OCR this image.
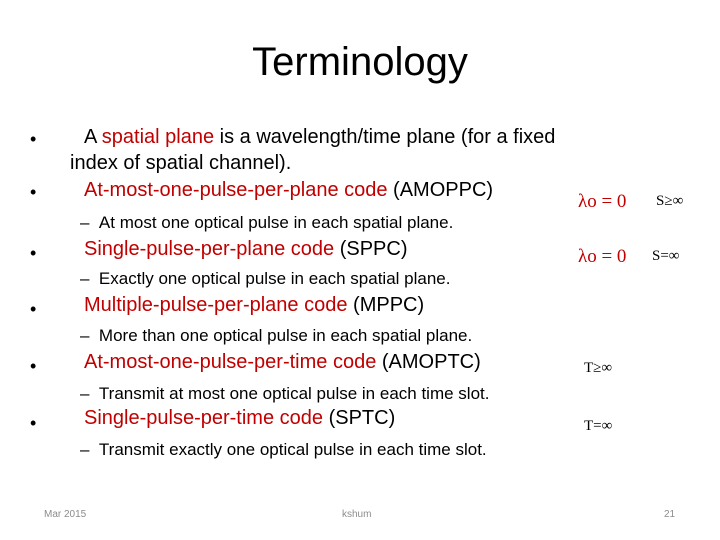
Terminology
• A spatial plane is a wavelength/time plane (for a fixed
index of spatial channel).
• At-most-one-pulse-per-plane code (AMOPPC)
λo = 0 S≥∞
– At most one optical pulse in each spatial plane.
• Single-pulse-per-plane code (SPPC)	λo = 0 S=∞
– Exactly one optical pulse in each spatial plane.
• Multiple-pulse-per-plane code (MPPC)
– More than one optical pulse in each spatial plane.
• At-most-one-pulse-per-time code (AMOPTC)	T≥∞
– Transmit at most one optical pulse in each time slot.
• Single-pulse-per-time code (SPTC)	T=∞
– Transmit exactly one optical pulse in each time slot.
Mar 2015	kshum	21
